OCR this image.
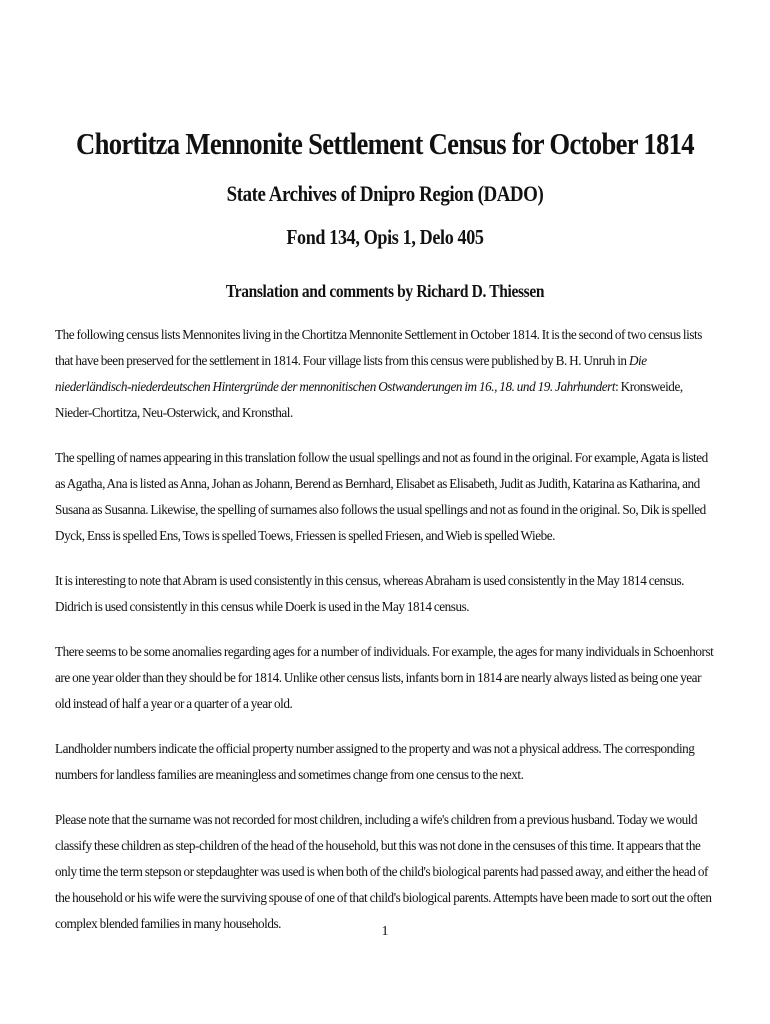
Chortitza Mennonite Settlement Census for October 1814
State Archives of Dnipro Region (DADO)
Fond 134, Opis 1, Delo 405
Translation and comments by Richard D. Thiessen

The following census lists Mennonites living in the Chortitza Mennonite Settlement in October 1814. It is the second of two census lists that have been preserved for the settlement in 1814. Four village lists from this census were published by B. H. Unruh in Die niederländisch-niederdeutschen Hintergründe der mennonitischen Ostwanderungen im 16., 18. und 19. Jahrhundert: Kronsweide, Nieder-Chortitza, Neu-Osterwick, and Kronsthal.

The spelling of names appearing in this translation follow the usual spellings and not as found in the original. For example, Agata is listed as Agatha, Ana is listed as Anna, Johan as Johann, Berend as Bernhard, Elisabet as Elisabeth, Judit as Judith, Katarina as Katharina, and Susana as Susanna. Likewise, the spelling of surnames also follows the usual spellings and not as found in the original. So, Dik is spelled Dyck, Enss is spelled Ens, Tows is spelled Toews, Friessen is spelled Friesen, and Wieb is spelled Wiebe.

It is interesting to note that Abram is used consistently in this census, whereas Abraham is used consistently in the May 1814 census. Didrich is used consistently in this census while Doerk is used in the May 1814 census.

There seems to be some anomalies regarding ages for a number of individuals. For example, the ages for many individuals in Schoenhorst are one year older than they should be for 1814. Unlike other census lists, infants born in 1814 are nearly always listed as being one year old instead of half a year or a quarter of a year old.

Landholder numbers indicate the official property number assigned to the property and was not a physical address. The corresponding numbers for landless families are meaningless and sometimes change from one census to the next.

Please note that the surname was not recorded for most children, including a wife's children from a previous husband. Today we would classify these children as step-children of the head of the household, but this was not done in the censuses of this time. It appears that the only time the term stepson or stepdaughter was used is when both of the child's biological parents had passed away, and either the head of the household or his wife were the surviving spouse of one of that child's biological parents. Attempts have been made to sort out the often complex blended families in many households.

1
